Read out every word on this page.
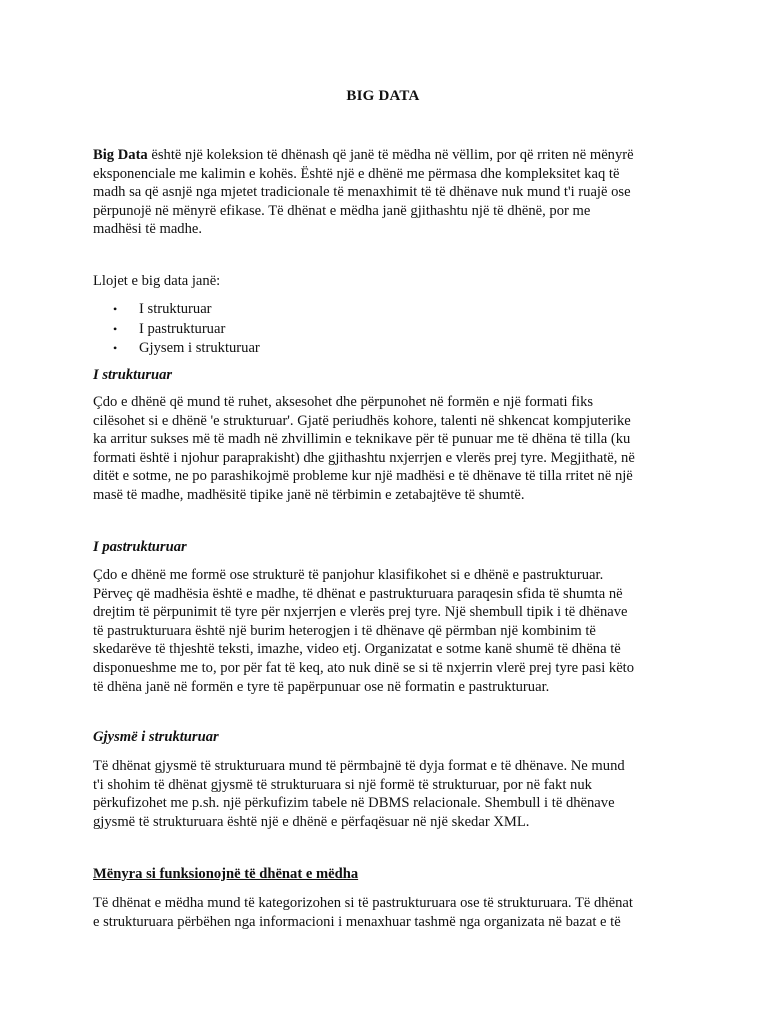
BIG DATA

Big Data është një koleksion të dhënash që janë të mëdha në vëllim, por që rriten në mënyrë
eksponenciale me kalimin e kohës. Është një e dhënë me përmasa dhe kompleksitet kaq të
madh sa që asnjë nga mjetet tradicionale të menaxhimit të të dhënave nuk mund t'i ruajë ose
përpunojë në mënyrë efikase. Të dhënat e mëdha janë gjithashtu një të dhënë, por me
madhësi të madhe.

Llojet e big data janë:

• I strukturuar
• I pastrukturuar
• Gjysem i strukturuar
I strukturuar

Çdo e dhënë që mund të ruhet, aksesohet dhe përpunohet në formën e një formati fiks
cilësohet si e dhënë 'e strukturuar'. Gjatë periudhës kohore, talenti në shkencat kompjuterike
ka arritur sukses më të madh në zhvillimin e teknikave për të punuar me të dhëna të tilla (ku
formati është i njohur paraprakisht) dhe gjithashtu nxjerrjen e vlerës prej tyre. Megjithatë, në
ditët e sotme, ne po parashikojmë probleme kur një madhësi e të dhënave të tilla rritet në një
masë të madhe, madhësitë tipike janë në tërbimin e zetabajtëve të shumtë.

I pastrukturuar

Çdo e dhënë me formë ose strukturë të panjohur klasifikohet si e dhënë e pastrukturuar.
Përveç që madhësia është e madhe, të dhënat e pastrukturuara paraqesin sfida të shumta në
drejtim të përpunimit të tyre për nxjerrjen e vlerës prej tyre. Një shembull tipik i të dhënave
të pastrukturuara është një burim heterogjen i të dhënave që përmban një kombinim të
skedarëve të thjeshtë teksti, imazhe, video etj. Organizatat e sotme kanë shumë të dhëna të
disponueshme me to, por për fat të keq, ato nuk dinë se si të nxjerrin vlerë prej tyre pasi këto
të dhëna janë në formën e tyre të papërpunuar ose në formatin e pastrukturuar.

Gjysmë i strukturuar

Të dhënat gjysmë të strukturuara mund të përmbajnë të dyja format e të dhënave. Ne mund
t'i shohim të dhënat gjysmë të strukturuara si një formë të strukturuar, por në fakt nuk
përkufizohet me p.sh. një përkufizim tabele në DBMS relacionale. Shembull i të dhënave
gjysmë të strukturuara është një e dhënë e përfaqësuar në një skedar XML.

Mënyra si funksionojnë të dhënat e mëdha

Të dhënat e mëdha mund të kategorizohen si të pastrukturuara ose të strukturuara. Të dhënat
e strukturuara përbëhen nga informacioni i menaxhuar tashmë nga organizata në bazat e të
